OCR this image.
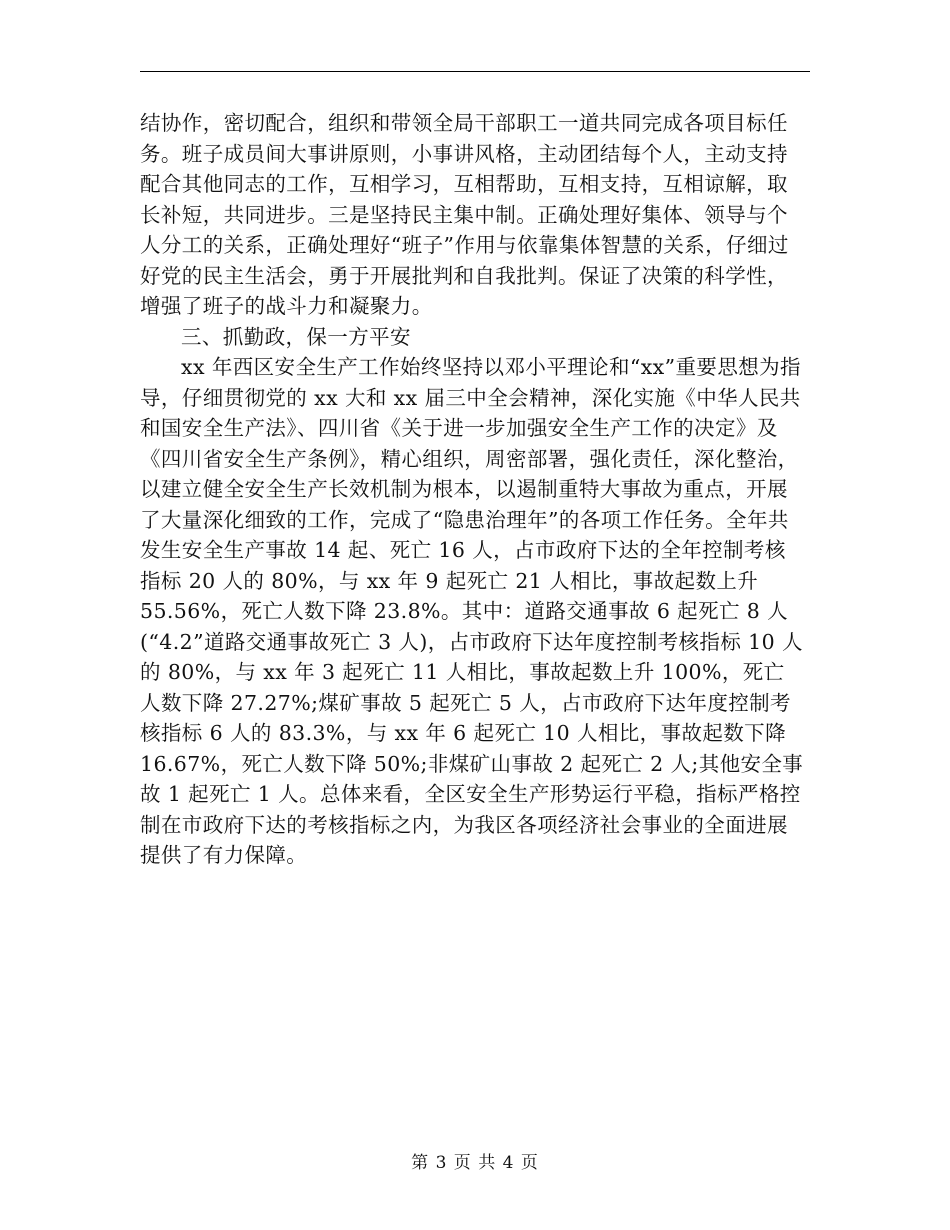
结协作，密切配合，组织和带领全局干部职工一道共同完成各项目标任务。班子成员间大事讲原则，小事讲风格，主动团结每个人，主动支持配合其他同志的工作，互相学习，互相帮助，互相支持，互相谅解，取长补短，共同进步。三是坚持民主集中制。正确处理好集体、领导与个人分工的关系，正确处理好“班子”作用与依靠集体智慧的关系，仔细过好党的民主生活会，勇于开展批判和自我批判。保证了决策的科学性，增强了班子的战斗力和凝聚力。

三、抓勤政，保一方平安

xx 年西区安全生产工作始终坚持以邓小平理论和“xx”重要思想为指导，仔细贯彻党的 xx 大和 xx 届三中全会精神，深化实施《中华人民共和国安全生产法》、四川省《关于进一步加强安全生产工作的决定》及《四川省安全生产条例》，精心组织，周密部署，强化责任，深化整治，以建立健全安全生产长效机制为根本，以遏制重特大事故为重点，开展了大量深化细致的工作，完成了“隐患治理年”的各项工作任务。全年共发生安全生产事故 14 起、死亡 16 人，占市政府下达的全年控制考核指标 20 人的 80%，与 xx 年 9 起死亡 21 人相比，事故起数上升 55.56%，死亡人数下降 23.8%。其中：道路交通事故 6 起死亡 8 人(“4.2”道路交通事故死亡 3 人)，占市政府下达年度控制考核指标 10 人的 80%，与 xx 年 3 起死亡 11 人相比，事故起数上升 100%，死亡人数下降 27.27%;煤矿事故 5 起死亡 5 人，占市政府下达年度控制考核指标 6 人的 83.3%，与 xx 年 6 起死亡 10 人相比，事故起数下降 16.67%，死亡人数下降 50%;非煤矿山事故 2 起死亡 2 人;其他安全事故 1 起死亡 1 人。总体来看，全区安全生产形势运行平稳，指标严格控制在市政府下达的考核指标之内，为我区各项经济社会事业的全面进展提供了有力保障。

第 3 页 共 4 页
